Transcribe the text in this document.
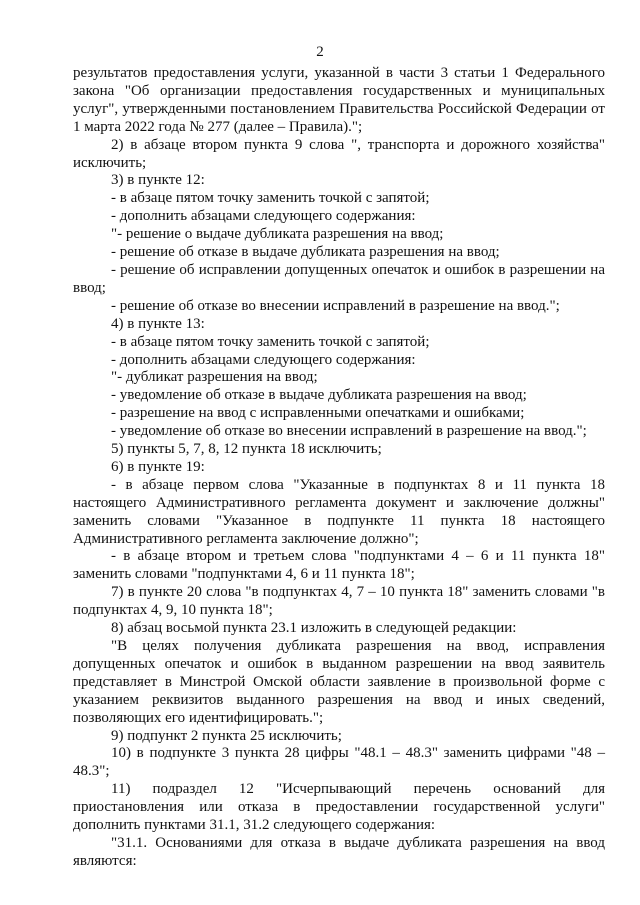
2

результатов предоставления услуги, указанной в части 3 статьи 1 Федерального закона "Об организации предоставления государственных и муниципальных услуг", утвержденными постановлением Правительства Российской Федерации от 1 марта 2022 года № 277 (далее – Правила).";

2) в абзаце втором пункта 9 слова ", транспорта и дорожного хозяйства" исключить;

3) в пункте 12:

- в абзаце пятом точку заменить точкой с запятой;

- дополнить абзацами следующего содержания:

"- решение о выдаче дубликата разрешения на ввод;

- решение об отказе в выдаче дубликата разрешения на ввод;

- решение об исправлении допущенных опечаток и ошибок в разрешении на ввод;

- решение об отказе во внесении исправлений в разрешение на ввод.";

4) в пункте 13:

- в абзаце пятом точку заменить точкой с запятой;

- дополнить абзацами следующего содержания:

"- дубликат разрешения на ввод;

- уведомление об отказе в выдаче дубликата разрешения на ввод;

- разрешение на ввод с исправленными опечатками и ошибками;

- уведомление об отказе во внесении исправлений в разрешение на ввод.";

5) пункты 5, 7, 8, 12 пункта 18 исключить;

6) в пункте 19:

- в абзаце первом слова "Указанные в подпунктах 8 и 11 пункта 18 настоящего Административного регламента документ и заключение должны" заменить словами "Указанное в подпункте 11 пункта 18 настоящего Административного регламента заключение должно";

- в абзаце втором и третьем слова "подпунктами 4 – 6 и 11 пункта 18" заменить словами "подпунктами 4, 6 и 11 пункта 18";

7) в пункте 20 слова "в подпунктах 4, 7 – 10 пункта 18" заменить словами "в подпунктах 4, 9, 10 пункта 18";

8) абзац восьмой пункта 23.1 изложить в следующей редакции:

"В целях получения дубликата разрешения на ввод, исправления допущенных опечаток и ошибок в выданном разрешении на ввод заявитель представляет в Минстрой Омской области заявление в произвольной форме с указанием реквизитов выданного разрешения на ввод и иных сведений, позволяющих его идентифицировать.";

9) подпункт 2 пункта 25 исключить;

10) в подпункте 3 пункта 28 цифры "48.1 – 48.3" заменить цифрами "48 – 48.3";

11) подраздел 12 "Исчерпывающий перечень оснований для приостановления или отказа в предоставлении государственной услуги" дополнить пунктами 31.1, 31.2 следующего содержания:

"31.1. Основаниями для отказа в выдаче дубликата разрешения на ввод являются:
